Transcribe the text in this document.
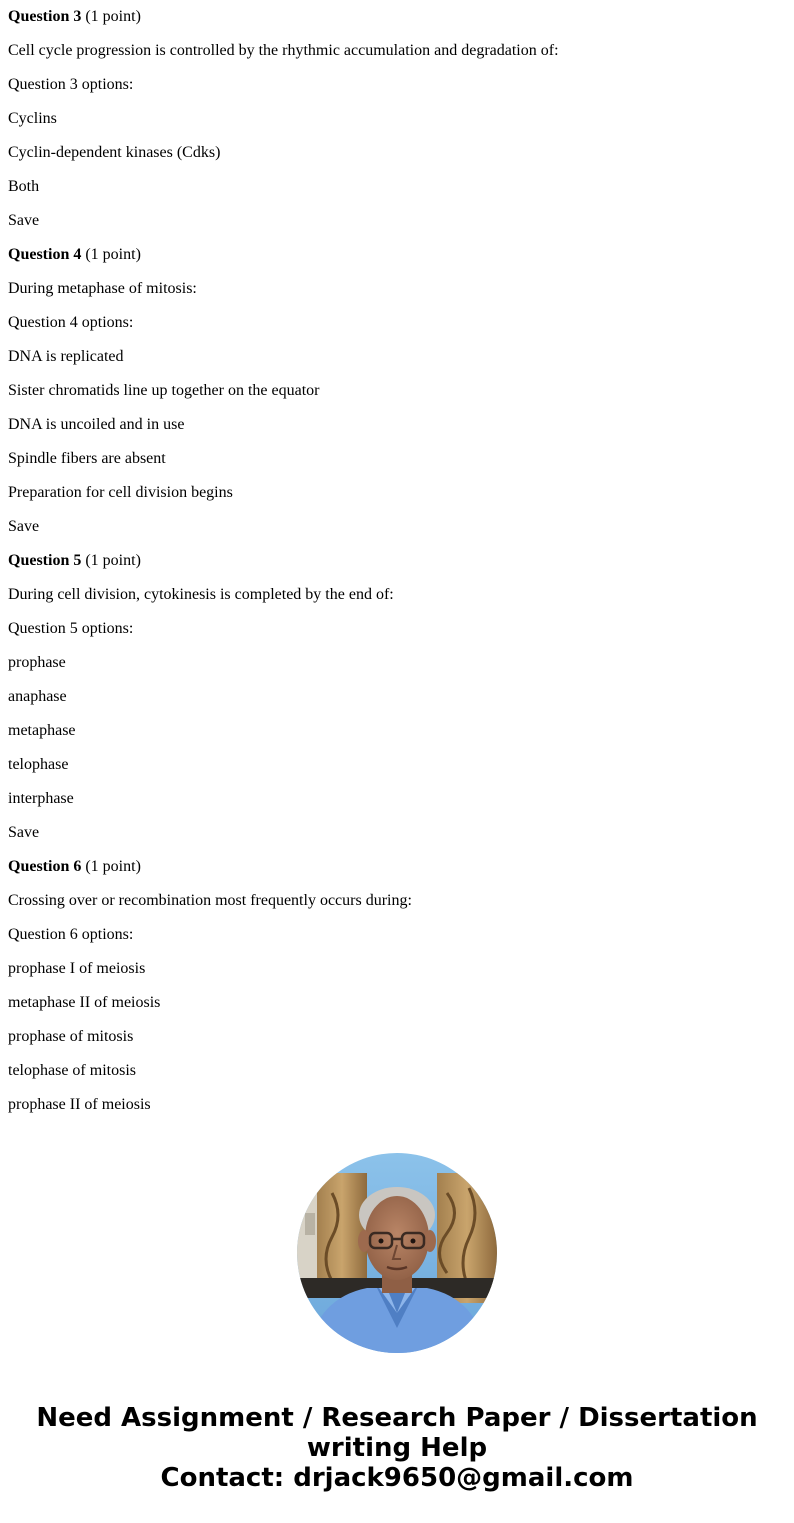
Question 3 (1 point)
Cell cycle progression is controlled by the rhythmic accumulation and degradation of:
Question 3 options:
Cyclins
Cyclin-dependent kinases (Cdks)
Both
Save
Question 4 (1 point)
During metaphase of mitosis:
Question 4 options:
DNA is replicated
Sister chromatids line up together on the equator
DNA is uncoiled and in use
Spindle fibers are absent
Preparation for cell division begins
Save
Question 5 (1 point)
During cell division, cytokinesis is completed by the end of:
Question 5 options:
prophase
anaphase
metaphase
telophase
interphase
Save
Question 6 (1 point)
Crossing over or recombination most frequently occurs during:
Question 6 options:
prophase I of meiosis
metaphase II of meiosis
prophase of mitosis
telophase of mitosis
prophase II of meiosis
Need Assignment / Research Paper / Dissertation
writing Help
Contact: drjack9650@gmail.com
